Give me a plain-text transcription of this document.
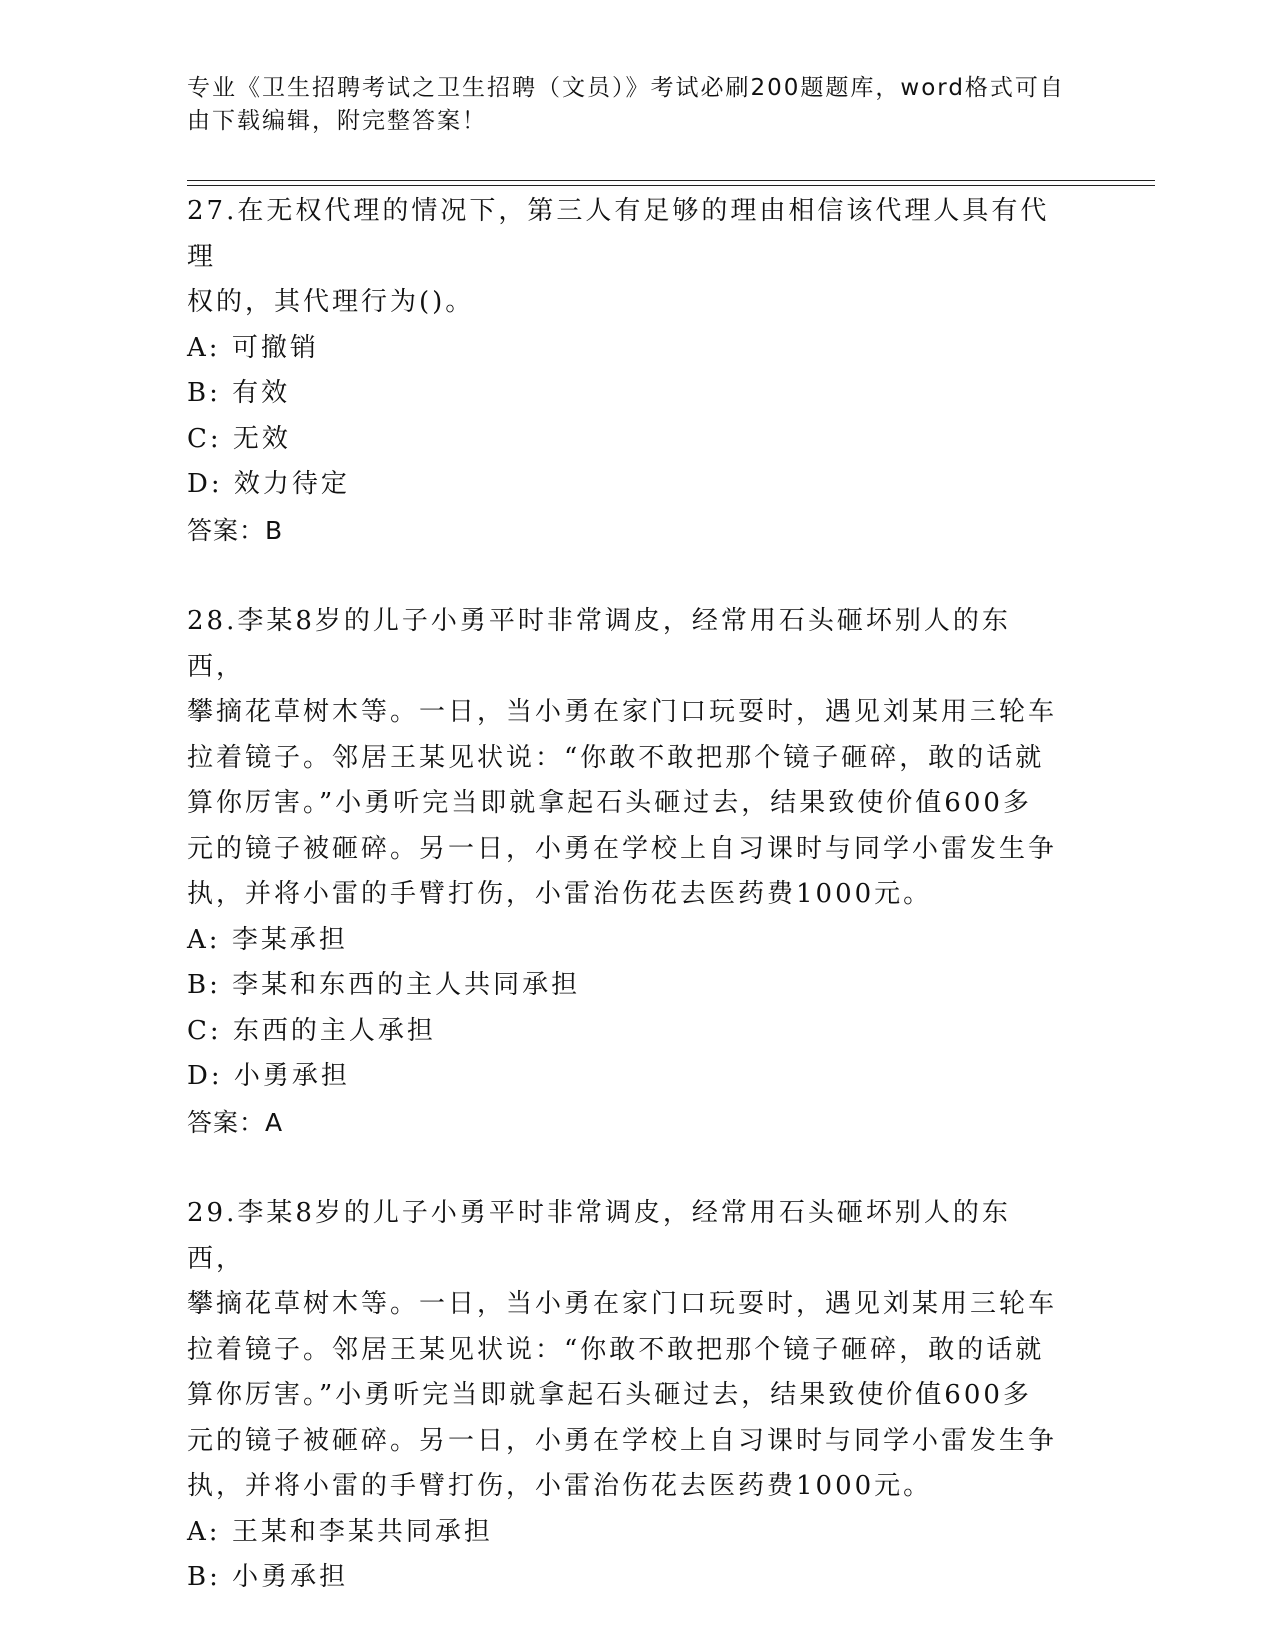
专业《卫生招聘考试之卫生招聘（文员）》考试必刷200题题库，word格式可自
由下载编辑，附完整答案！
27.在无权代理的情况下，第三人有足够的理由相信该代理人具有代理
权的，其代理行为()。
A: 可撤销
B: 有效
C: 无效
D: 效力待定
答案：B
28.李某8岁的儿子小勇平时非常调皮，经常用石头砸坏别人的东西，
攀摘花草树木等。一日，当小勇在家门口玩耍时，遇见刘某用三轮车
拉着镜子。邻居王某见状说：“你敢不敢把那个镜子砸碎，敢的话就
算你厉害。”小勇听完当即就拿起石头砸过去，结果致使价值600多
元的镜子被砸碎。另一日，小勇在学校上自习课时与同学小雷发生争
执，并将小雷的手臂打伤，小雷治伤花去医药费1000元。
A: 李某承担
B: 李某和东西的主人共同承担
C: 东西的主人承担
D: 小勇承担
答案：A
29.李某8岁的儿子小勇平时非常调皮，经常用石头砸坏别人的东西，
攀摘花草树木等。一日，当小勇在家门口玩耍时，遇见刘某用三轮车
拉着镜子。邻居王某见状说：“你敢不敢把那个镜子砸碎，敢的话就
算你厉害。”小勇听完当即就拿起石头砸过去，结果致使价值600多
元的镜子被砸碎。另一日，小勇在学校上自习课时与同学小雷发生争
执，并将小雷的手臂打伤，小雷治伤花去医药费1000元。
A: 王某和李某共同承担
B: 小勇承担
